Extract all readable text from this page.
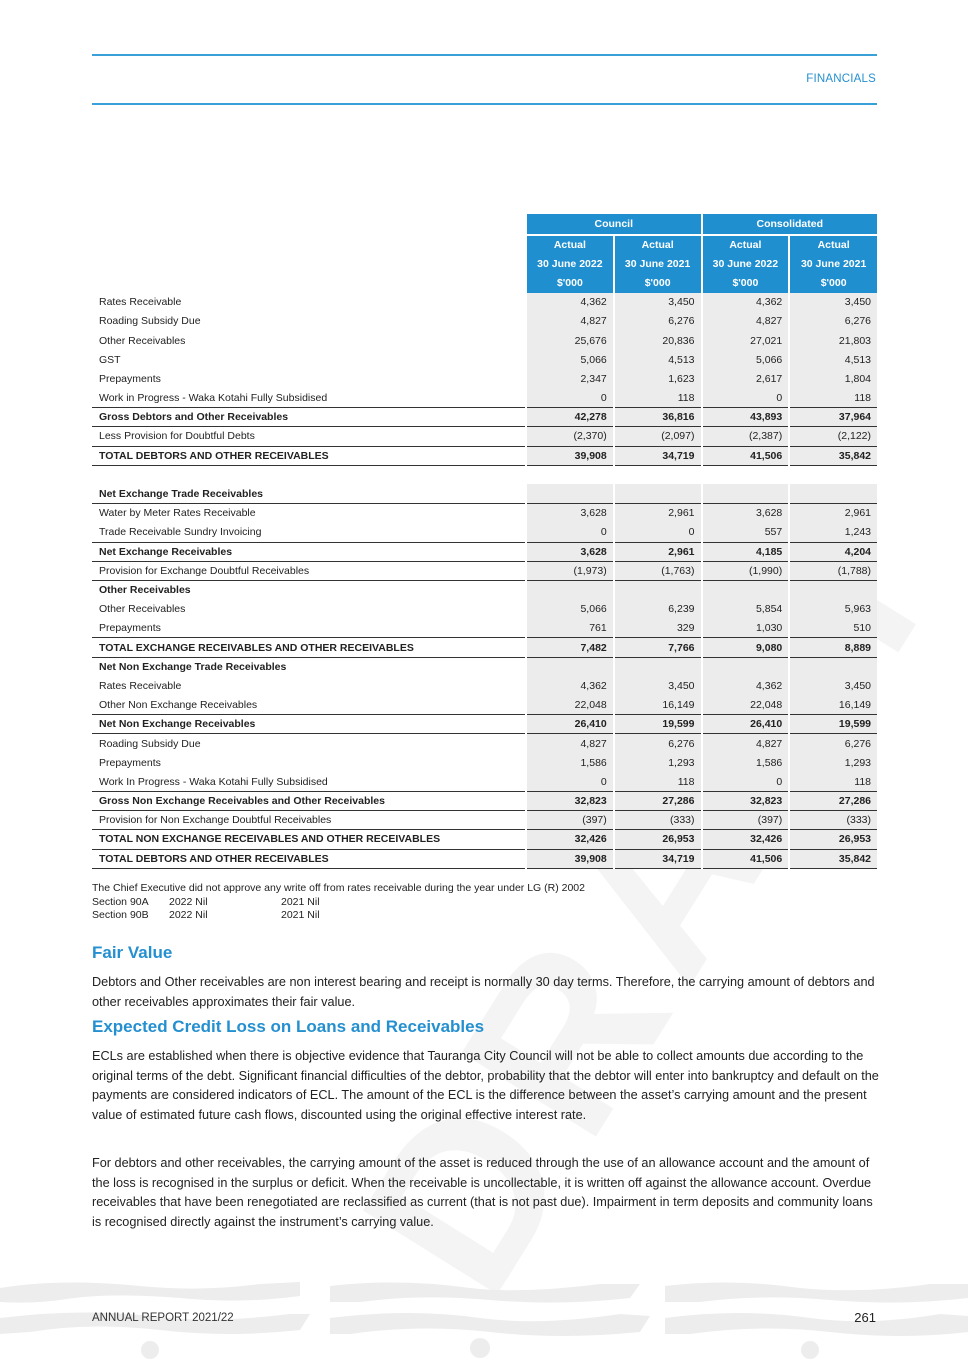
FINANCIALS
	Council		Consolidated	
	Actual	Actual	Actual	Actual
	30 June 2022	30 June 2021	30 June 2022	30 June 2021
	$'000	$'000	$'000	$'000
Rates Receivable	4,362	3,450	4,362	3,450
Roading Subsidy Due	4,827	6,276	4,827	6,276
Other Receivables	25,676	20,836	27,021	21,803
GST	5,066	4,513	5,066	4,513
Prepayments	2,347	1,623	2,617	1,804
Work in Progress - Waka Kotahi Fully Subsidised	0	118	0	118
Gross Debtors and Other Receivables	42,278	36,816	43,893	37,964
Less Provision for Doubtful Debts	(2,370)	(2,097)	(2,387)	(2,122)
TOTAL DEBTORS AND OTHER RECEIVABLES	39,908	34,719	41,506	35,842

Net Exchange Trade Receivables				
Water by Meter Rates Receivable	3,628	2,961	3,628	2,961
Trade Receivable Sundry Invoicing	0	0	557	1,243
Net Exchange Receivables	3,628	2,961	4,185	4,204
Provision for Exchange Doubtful Receivables	(1,973)	(1,763)	(1,990)	(1,788)
Other Receivables				
Other Receivables	5,066	6,239	5,854	5,963
Prepayments	761	329	1,030	510
TOTAL EXCHANGE RECEIVABLES AND OTHER RECEIVABLES	7,482	7,766	9,080	8,889
Net Non Exchange Trade Receivables				
Rates Receivable	4,362	3,450	4,362	3,450
Other Non Exchange Receivables	22,048	16,149	22,048	16,149
Net Non Exchange Receivables	26,410	19,599	26,410	19,599
Roading Subsidy Due	4,827	6,276	4,827	6,276
Prepayments	1,586	1,293	1,586	1,293
Work In Progress - Waka Kotahi Fully Subsidised	0	118	0	118
Gross Non Exchange Receivables and Other Receivables	32,823	27,286	32,823	27,286
Provision for Non Exchange Doubtful Receivables	(397)	(333)	(397)	(333)
TOTAL NON EXCHANGE RECEIVABLES AND OTHER RECEIVABLES	32,426	26,953	32,426	26,953
TOTAL DEBTORS AND OTHER RECEIVABLES	39,908	34,719	41,506	35,842
The Chief Executive did not approve any write off from rates receivable during the year under LG (R) 2002
Section 90A 2022 Nil	2021 Nil
Section 90B 2022 Nil	2021 Nil
Fair Value
Debtors and Other receivables are non interest bearing and receipt is normally 30 day terms. Therefore, the carrying amount of debtors and other receivables approximates their fair value.
Expected Credit Loss on Loans and Receivables
ECLs are established when there is objective evidence that Tauranga City Council will not be able to collect amounts due according to the original terms of the debt. Significant financial difficulties of the debtor, probability that the debtor will enter into bankruptcy and default on the payments are considered indicators of ECL. The amount of the ECL is the difference between the asset’s carrying amount and the present value of estimated future cash flows, discounted using the original effective interest rate.
For debtors and other receivables, the carrying amount of the asset is reduced through the use of an allowance account and the amount of the loss is recognised in the surplus or deficit. When the receivable is uncollectable, it is written off against the allowance account. Overdue receivables that have been renegotiated are reclassified as current (that is not past due). Impairment in term deposits and community loans is recognised directly against the instrument’s carrying value.
ANNUAL REPORT 2021/22	261
